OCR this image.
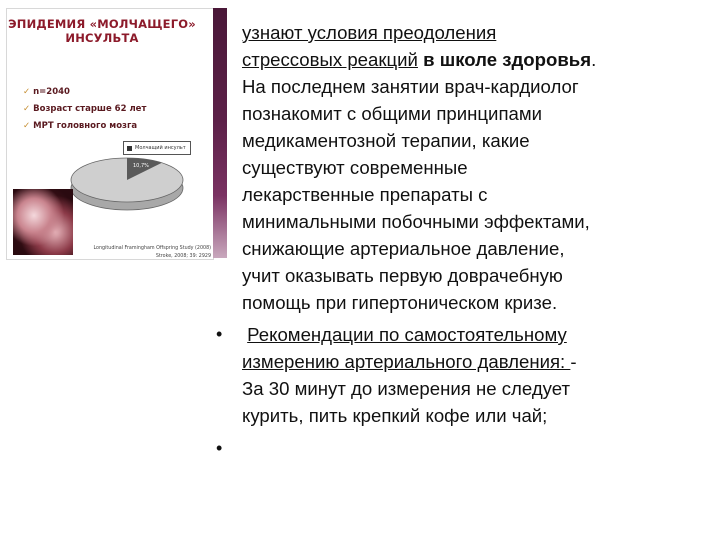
ЭПИДЕМИЯ «МОЛЧАЩЕГО»
ИНСУЛЬТА
✓ n=2040
✓ Возраст старше 62 лет
✓ МРТ головного мозга
Молчащий инсульт
10,7%
Longitudinal Framingham Offspring Study (2008)
Stroke, 2008; 39: 2929
узнают условия преодоления
стрессовых реакций в школе здоровья.
На последнем занятии врач-кардиолог
познакомит с общими принципами
медикаментозной терапии, какие
существуют современные
лекарственные препараты с
минимальными побочными эффектами,
снижающие артериальное давление,
учит оказывать первую доврачебную
помощь при гипертоническом кризе.
• Рекомендации по самостоятельному
измерению артериального давления: -
За 30 минут до измерения не следует
курить, пить крепкий кофе или чай;
•
